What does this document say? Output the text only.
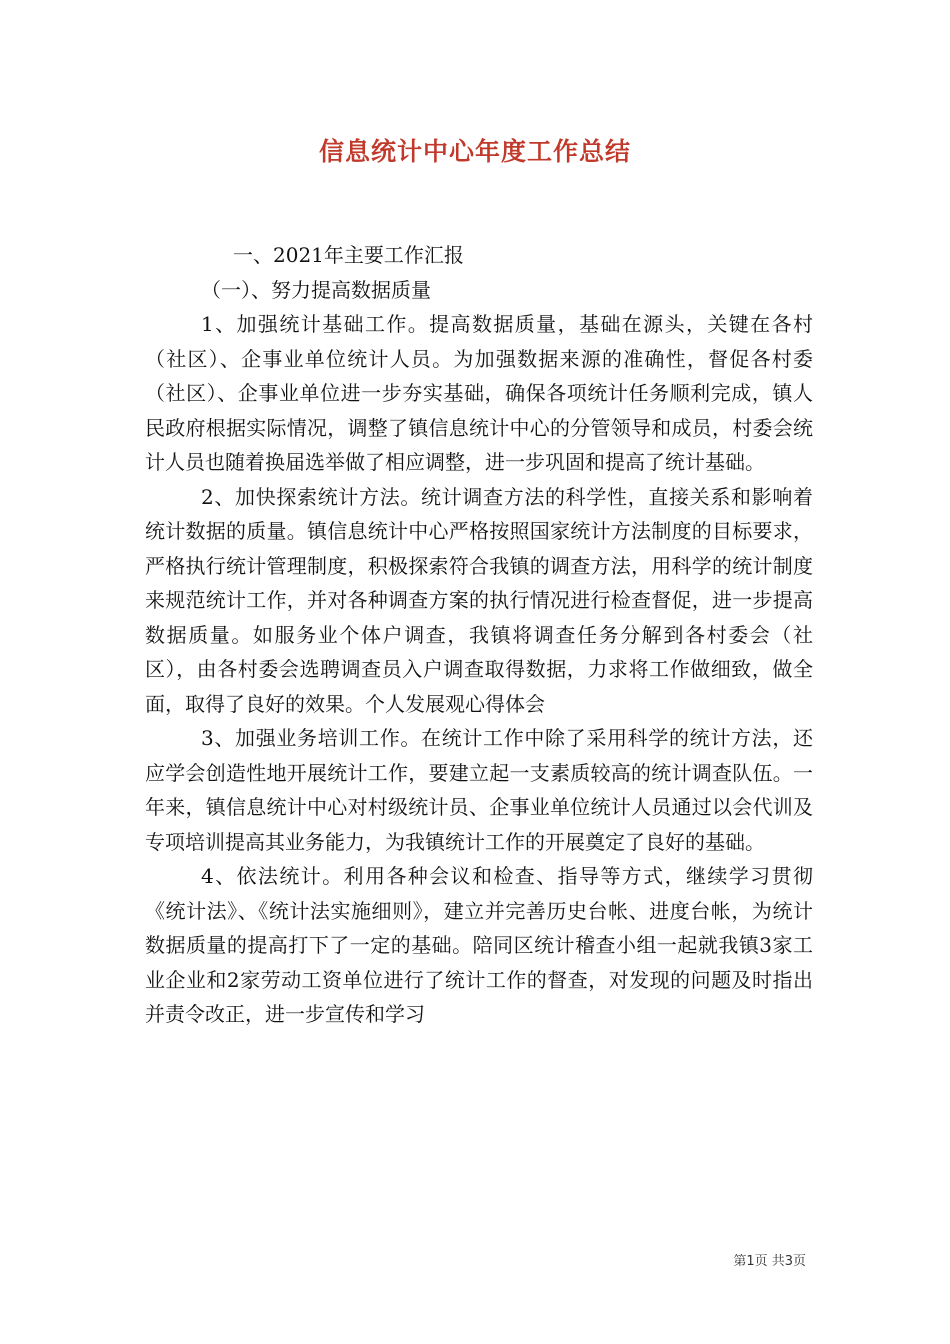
信息统计中心年度工作总结

一、2021年主要工作汇报

（一）、努力提高数据质量

1、加强统计基础工作。提高数据质量，基础在源头，关键在各村（社区）、企事业单位统计人员。为加强数据来源的准确性，督促各村委（社区）、企事业单位进一步夯实基础，确保各项统计任务顺利完成，镇人民政府根据实际情况，调整了镇信息统计中心的分管领导和成员，村委会统计人员也随着换届选举做了相应调整，进一步巩固和提高了统计基础。

2、加快探索统计方法。统计调查方法的科学性，直接关系和影响着统计数据的质量。镇信息统计中心严格按照国家统计方法制度的目标要求，严格执行统计管理制度，积极探索符合我镇的调查方法，用科学的统计制度来规范统计工作，并对各种调查方案的执行情况进行检查督促，进一步提高数据质量。如服务业个体户调查，我镇将调查任务分解到各村委会（社区），由各村委会选聘调查员入户调查取得数据，力求将工作做细致，做全面，取得了良好的效果。个人发展观心得体会

3、加强业务培训工作。在统计工作中除了采用科学的统计方法，还应学会创造性地开展统计工作，要建立起一支素质较高的统计调查队伍。一年来，镇信息统计中心对村级统计员、企事业单位统计人员通过以会代训及专项培训提高其业务能力，为我镇统计工作的开展奠定了良好的基础。

4、依法统计。利用各种会议和检查、指导等方式，继续学习贯彻《统计法》、《统计法实施细则》，建立并完善历史台帐、进度台帐，为统计数据质量的提高打下了一定的基础。陪同区统计稽查小组一起就我镇3家工业企业和2家劳动工资单位进行了统计工作的督查，对发现的问题及时指出并责令改正，进一步宣传和学习

第1页 共3页
